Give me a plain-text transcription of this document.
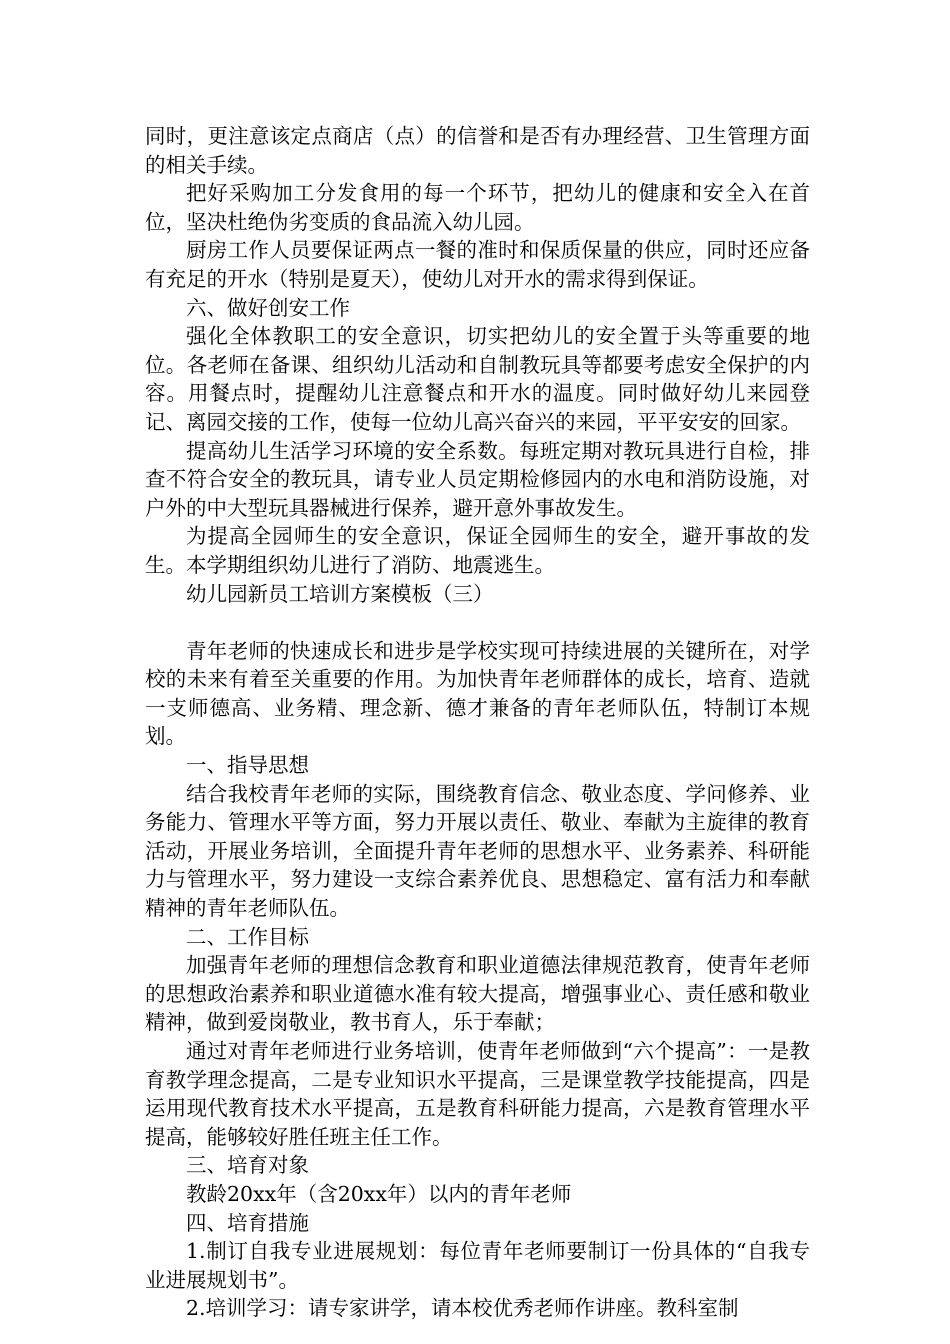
同时，更注意该定点商店（点）的信誉和是否有办理经营、卫生管理方面的相关手续。

把好采购加工分发食用的每一个环节，把幼儿的健康和安全入在首位，坚决杜绝伪劣变质的食品流入幼儿园。

厨房工作人员要保证两点一餐的准时和保质保量的供应，同时还应备有充足的开水（特别是夏天），使幼儿对开水的需求得到保证。

六、做好创安工作

强化全体教职工的安全意识，切实把幼儿的安全置于头等重要的地位。各老师在备课、组织幼儿活动和自制教玩具等都要考虑安全保护的内容。用餐点时，提醒幼儿注意餐点和开水的温度。同时做好幼儿来园登记、离园交接的工作，使每一位幼儿高兴奋兴的来园，平平安安的回家。

提高幼儿生活学习环境的安全系数。每班定期对教玩具进行自检，排查不符合安全的教玩具，请专业人员定期检修园内的水电和消防设施，对户外的中大型玩具器械进行保养，避开意外事故发生。

为提高全园师生的安全意识，保证全园师生的安全，避开事故的发生。本学期组织幼儿进行了消防、地震逃生。

幼儿园新员工培训方案模板（三）

青年老师的快速成长和进步是学校实现可持续进展的关键所在，对学校的未来有着至关重要的作用。为加快青年老师群体的成长，培育、造就一支师德高、业务精、理念新、德才兼备的青年老师队伍，特制订本规划。

一、指导思想

结合我校青年老师的实际，围绕教育信念、敬业态度、学问修养、业务能力、管理水平等方面，努力开展以责任、敬业、奉献为主旋律的教育活动，开展业务培训，全面提升青年老师的思想水平、业务素养、科研能力与管理水平，努力建设一支综合素养优良、思想稳定、富有活力和奉献精神的青年老师队伍。

二、工作目标

加强青年老师的理想信念教育和职业道德法律规范教育，使青年老师的思想政治素养和职业道德水准有较大提高，增强事业心、责任感和敬业精神，做到爱岗敬业，教书育人，乐于奉献；

通过对青年老师进行业务培训，使青年老师做到“六个提高”：一是教育教学理念提高，二是专业知识水平提高，三是课堂教学技能提高，四是运用现代教育技术水平提高，五是教育科研能力提高，六是教育管理水平提高，能够较好胜任班主任工作。

三、培育对象

教龄20xx年（含20xx年）以内的青年老师

四、培育措施

1.制订自我专业进展规划：每位青年老师要制订一份具体的“自我专业进展规划书”。

2.培训学习：请专家讲学，请本校优秀老师作讲座。教科室制
